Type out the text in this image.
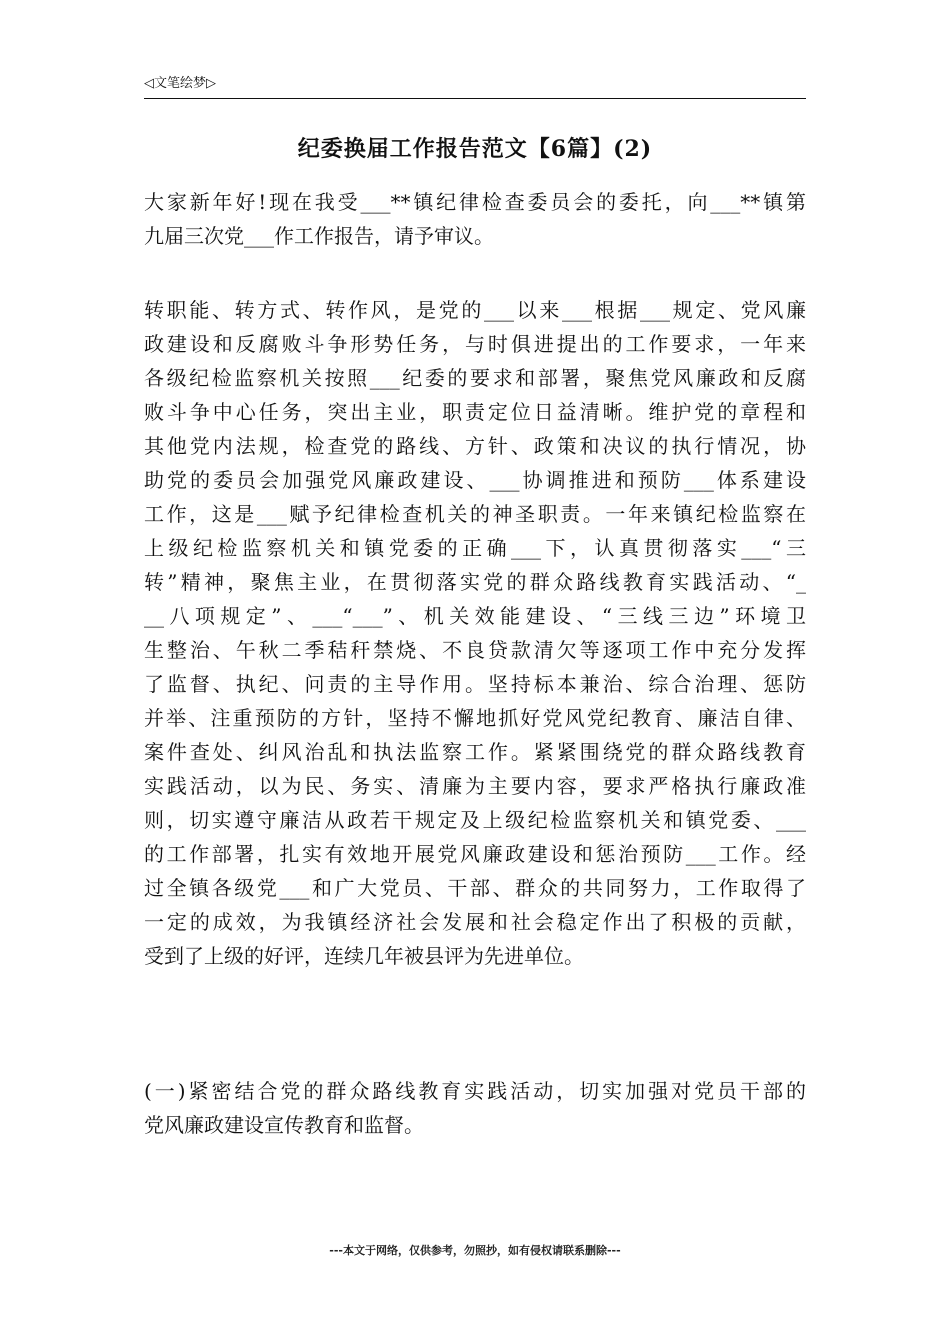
◁文笔绘梦▷
纪委换届工作报告范文【6篇】(2)
大家新年好!现在我受___**镇纪律检查委员会的委托，向___**镇第
九届三次党___作工作报告，请予审议。
转职能、转方式、转作风，是党的___以来___根据___规定、党风廉
政建设和反腐败斗争形势任务，与时俱进提出的工作要求，一年来
各级纪检监察机关按照___纪委的要求和部署，聚焦党风廉政和反腐
败斗争中心任务，突出主业，职责定位日益清晰。维护党的章程和
其他党内法规，检查党的路线、方针、政策和决议的执行情况，协
助党的委员会加强党风廉政建设、___协调推进和预防___体系建设
工作，这是___赋予纪律检查机关的神圣职责。一年来镇纪检监察在
上级纪检监察机关和镇党委的正确___下，认真贯彻落实___“三
转”精神，聚焦主业，在贯彻落实党的群众路线教育实践活动、“_
__八项规定”、___“___”、机关效能建设、“三线三边”环境卫
生整治、午秋二季秸秆禁烧、不良贷款清欠等逐项工作中充分发挥
了监督、执纪、问责的主导作用。坚持标本兼治、综合治理、惩防
并举、注重预防的方针，坚持不懈地抓好党风党纪教育、廉洁自律、
案件查处、纠风治乱和执法监察工作。紧紧围绕党的群众路线教育
实践活动，以为民、务实、清廉为主要内容，要求严格执行廉政准
则，切实遵守廉洁从政若干规定及上级纪检监察机关和镇党委、___
的工作部署，扎实有效地开展党风廉政建设和惩治预防___工作。经
过全镇各级党___和广大党员、干部、群众的共同努力，工作取得了
一定的成效，为我镇经济社会发展和社会稳定作出了积极的贡献，
受到了上级的好评，连续几年被县评为先进单位。
(一)紧密结合党的群众路线教育实践活动，切实加强对党员干部的
党风廉政建设宣传教育和监督。
---本文于网络，仅供参考，勿照抄，如有侵权请联系删除---
